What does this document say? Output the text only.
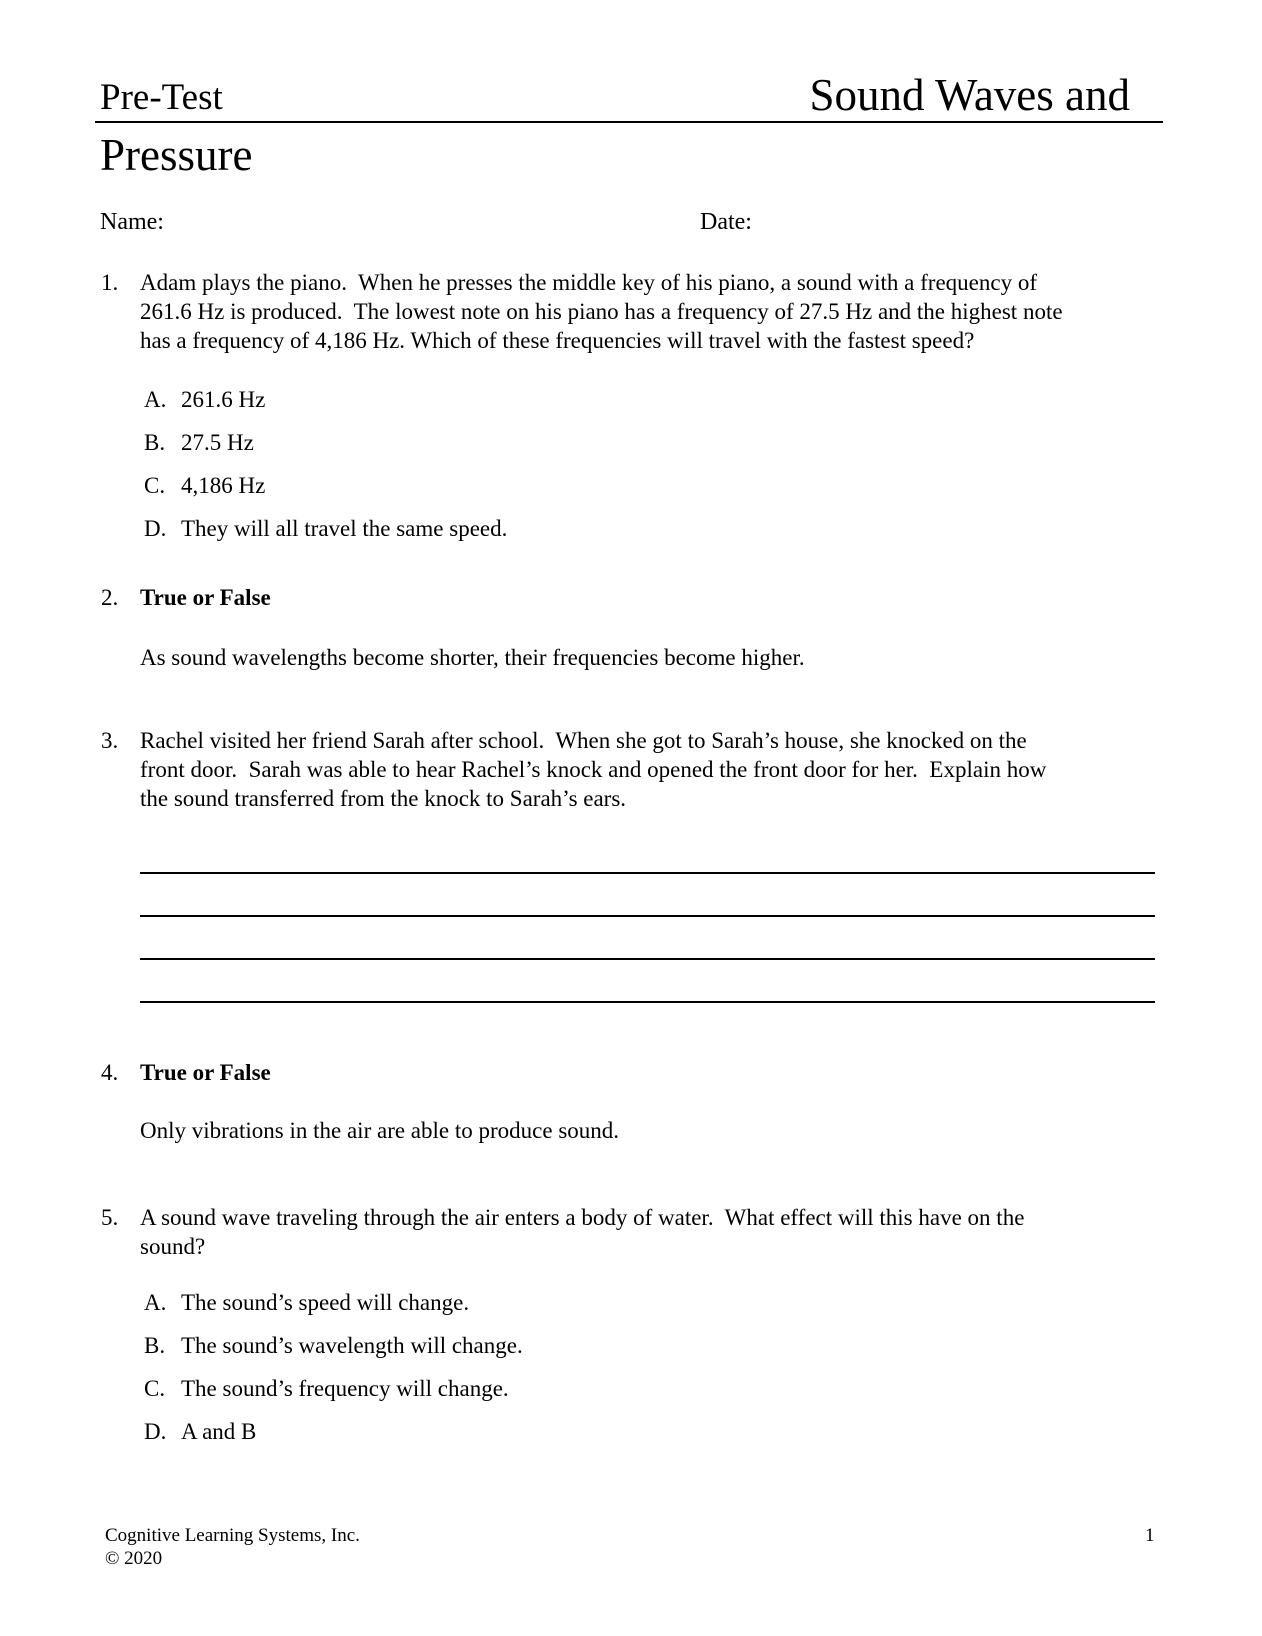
Pre-Test	Sound Waves and
Pressure
Name:	Date:
1. Adam plays the piano.  When he presses the middle key of his piano, a sound with a frequency of
261.6 Hz is produced.  The lowest note on his piano has a frequency of 27.5 Hz and the highest note
has a frequency of 4,186 Hz. Which of these frequencies will travel with the fastest speed?
A. 261.6 Hz
B. 27.5 Hz
C. 4,186 Hz
D. They will all travel the same speed.
2. True or False
As sound wavelengths become shorter, their frequencies become higher.
3. Rachel visited her friend Sarah after school.  When she got to Sarah’s house, she knocked on the
front door.  Sarah was able to hear Rachel’s knock and opened the front door for her.  Explain how
the sound transferred from the knock to Sarah’s ears.
4. True or False
Only vibrations in the air are able to produce sound.
5. A sound wave traveling through the air enters a body of water.  What effect will this have on the
sound?
A. The sound’s speed will change.
B. The sound’s wavelength will change.
C. The sound’s frequency will change.
D. A and B
Cognitive Learning Systems, Inc.
© 2020
1
